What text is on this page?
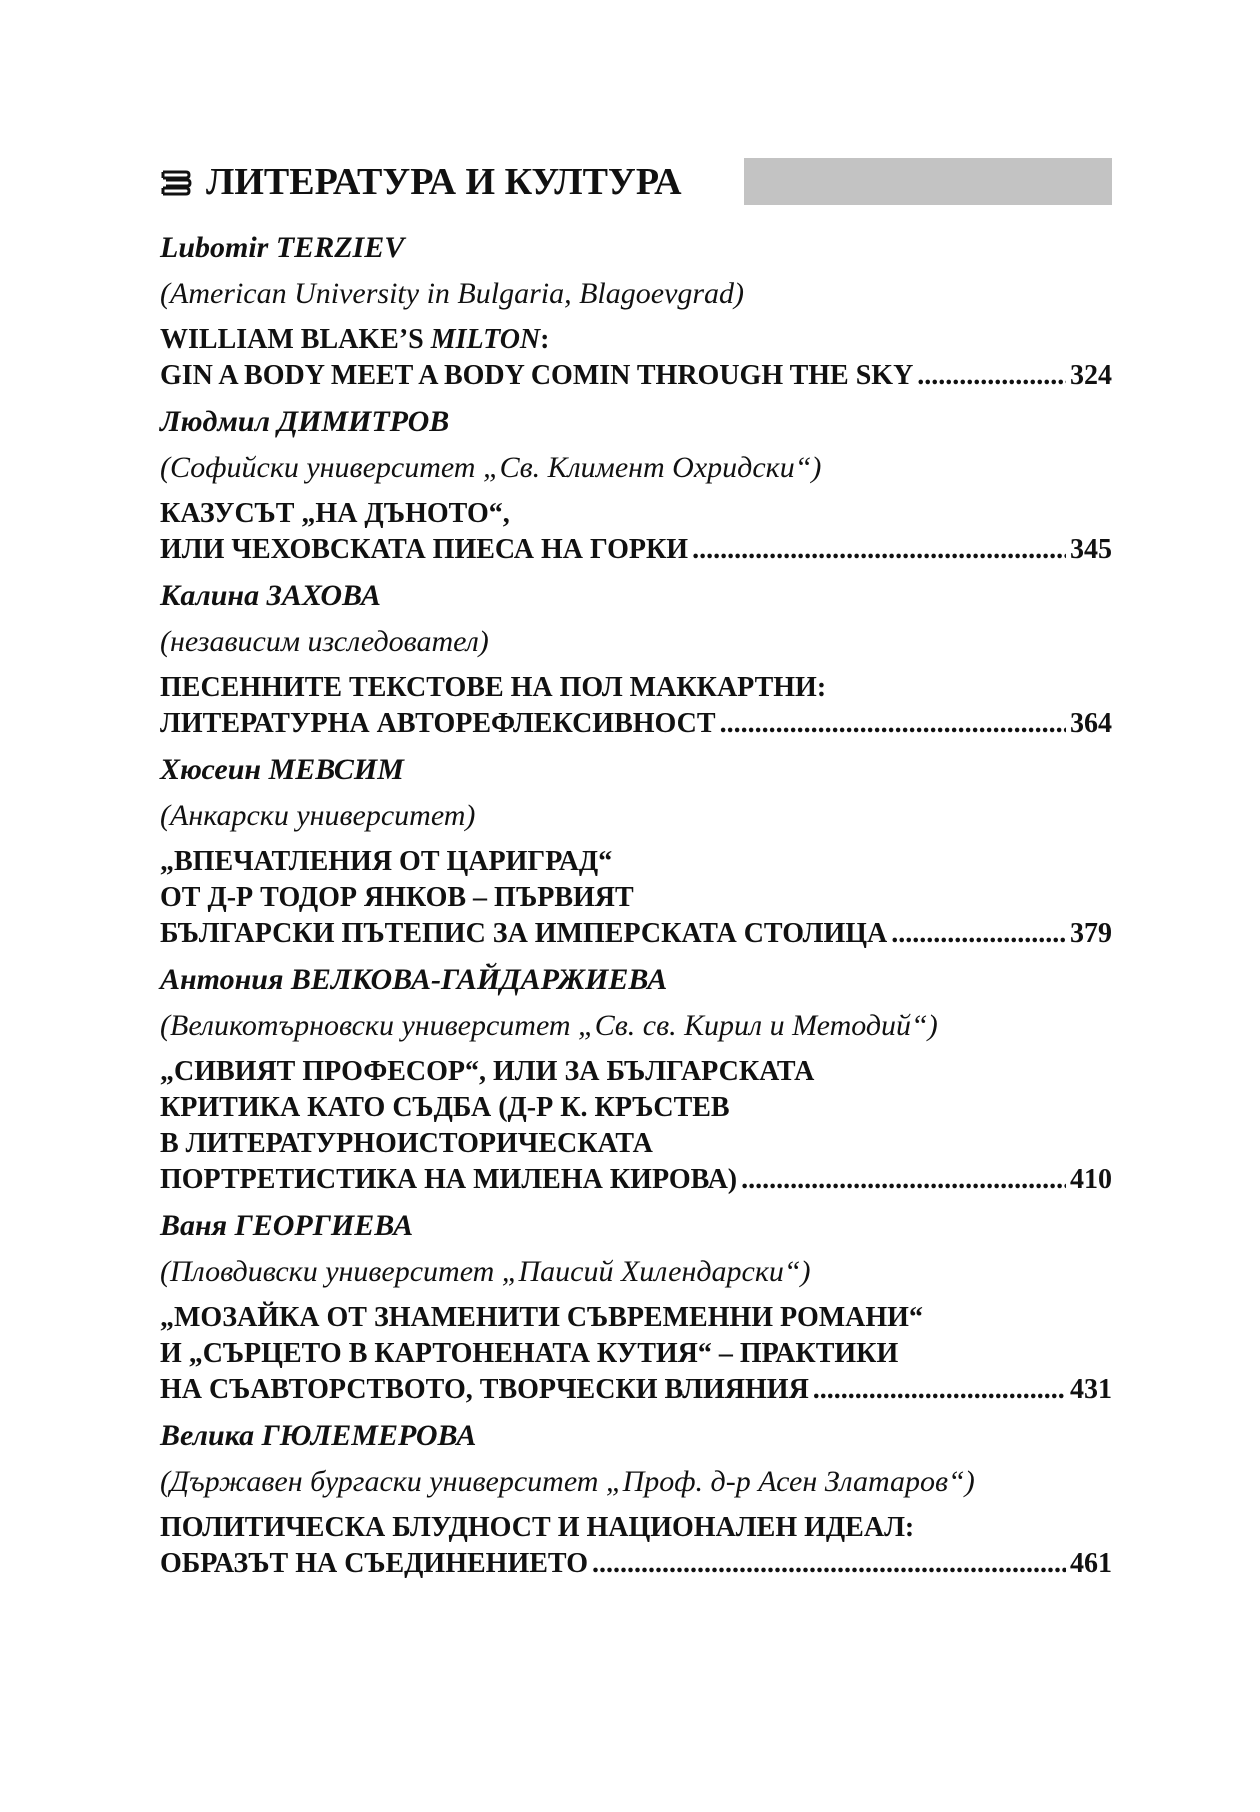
ЛИТЕРАТУРА И КУЛТУРА
Lubomir TERZIEV
(American University in Bulgaria, Blagoevgrad)
WILLIAM BLAKE’S MILTON:
GIN A BODY MEET A BODY COMIN THROUGH THE SKY .....	324
Людмил ДИМИТРОВ
(Софийски университет „Св. Климент Охридски“)
КАЗУСЪТ „НА ДЪНОТО“,
ИЛИ ЧЕХОВСКАТА ПИЕСА НА ГОРКИ .....	345
Калина ЗАХОВА
(независим изследовател)
ПЕСЕННИТЕ ТЕКСТОВЕ НА ПОЛ МАККАРТНИ:
ЛИТЕРАТУРНА АВТОРЕФЛЕКСИВНОСТ .....	364
Хюсеин МЕВСИМ
(Анкарски университет)
„ВПЕЧАТЛЕНИЯ ОТ ЦАРИГРАД“
ОТ Д-Р ТОДОР ЯНКОВ – ПЪРВИЯТ
БЪЛГАРСКИ ПЪТЕПИС ЗА ИМПЕРСКАТА СТОЛИЦА .....	379
Антония ВЕЛКОВА-ГАЙДАРЖИЕВА
(Великотърновски университет „Св. св. Кирил и Методий“)
„СИВИЯТ ПРОФЕСОР“, ИЛИ ЗА БЪЛГАРСКАТА
КРИТИКА КАТО СЪДБА (Д-Р К. КРЪСТЕВ
В ЛИТЕРАТУРНОИСТОРИЧЕСКАТА
ПОРТРЕТИСТИКА НА МИЛЕНА КИРОВА) .....	410
Ваня ГЕОРГИЕВА
(Пловдивски университет „Паисий Хилендарски“)
„МОЗАЙКА ОТ ЗНАМЕНИТИ СЪВРЕМЕННИ РОМАНИ“
И „СЪРЦЕТО В КАРТОНЕНАТА КУТИЯ“ – ПРАКТИКИ
НА СЪАВТОРСТВОТО, ТВОРЧЕСКИ ВЛИЯНИЯ .....	431
Велика ГЮЛЕМЕРОВА
(Държавен бургаски университет „Проф. д-р Асен Златаров“)
ПОЛИТИЧЕСКА БЛУДНОСТ И НАЦИОНАЛЕН ИДЕАЛ:
ОБРАЗЪТ НА СЪЕДИНЕНИЕТО .....	461
